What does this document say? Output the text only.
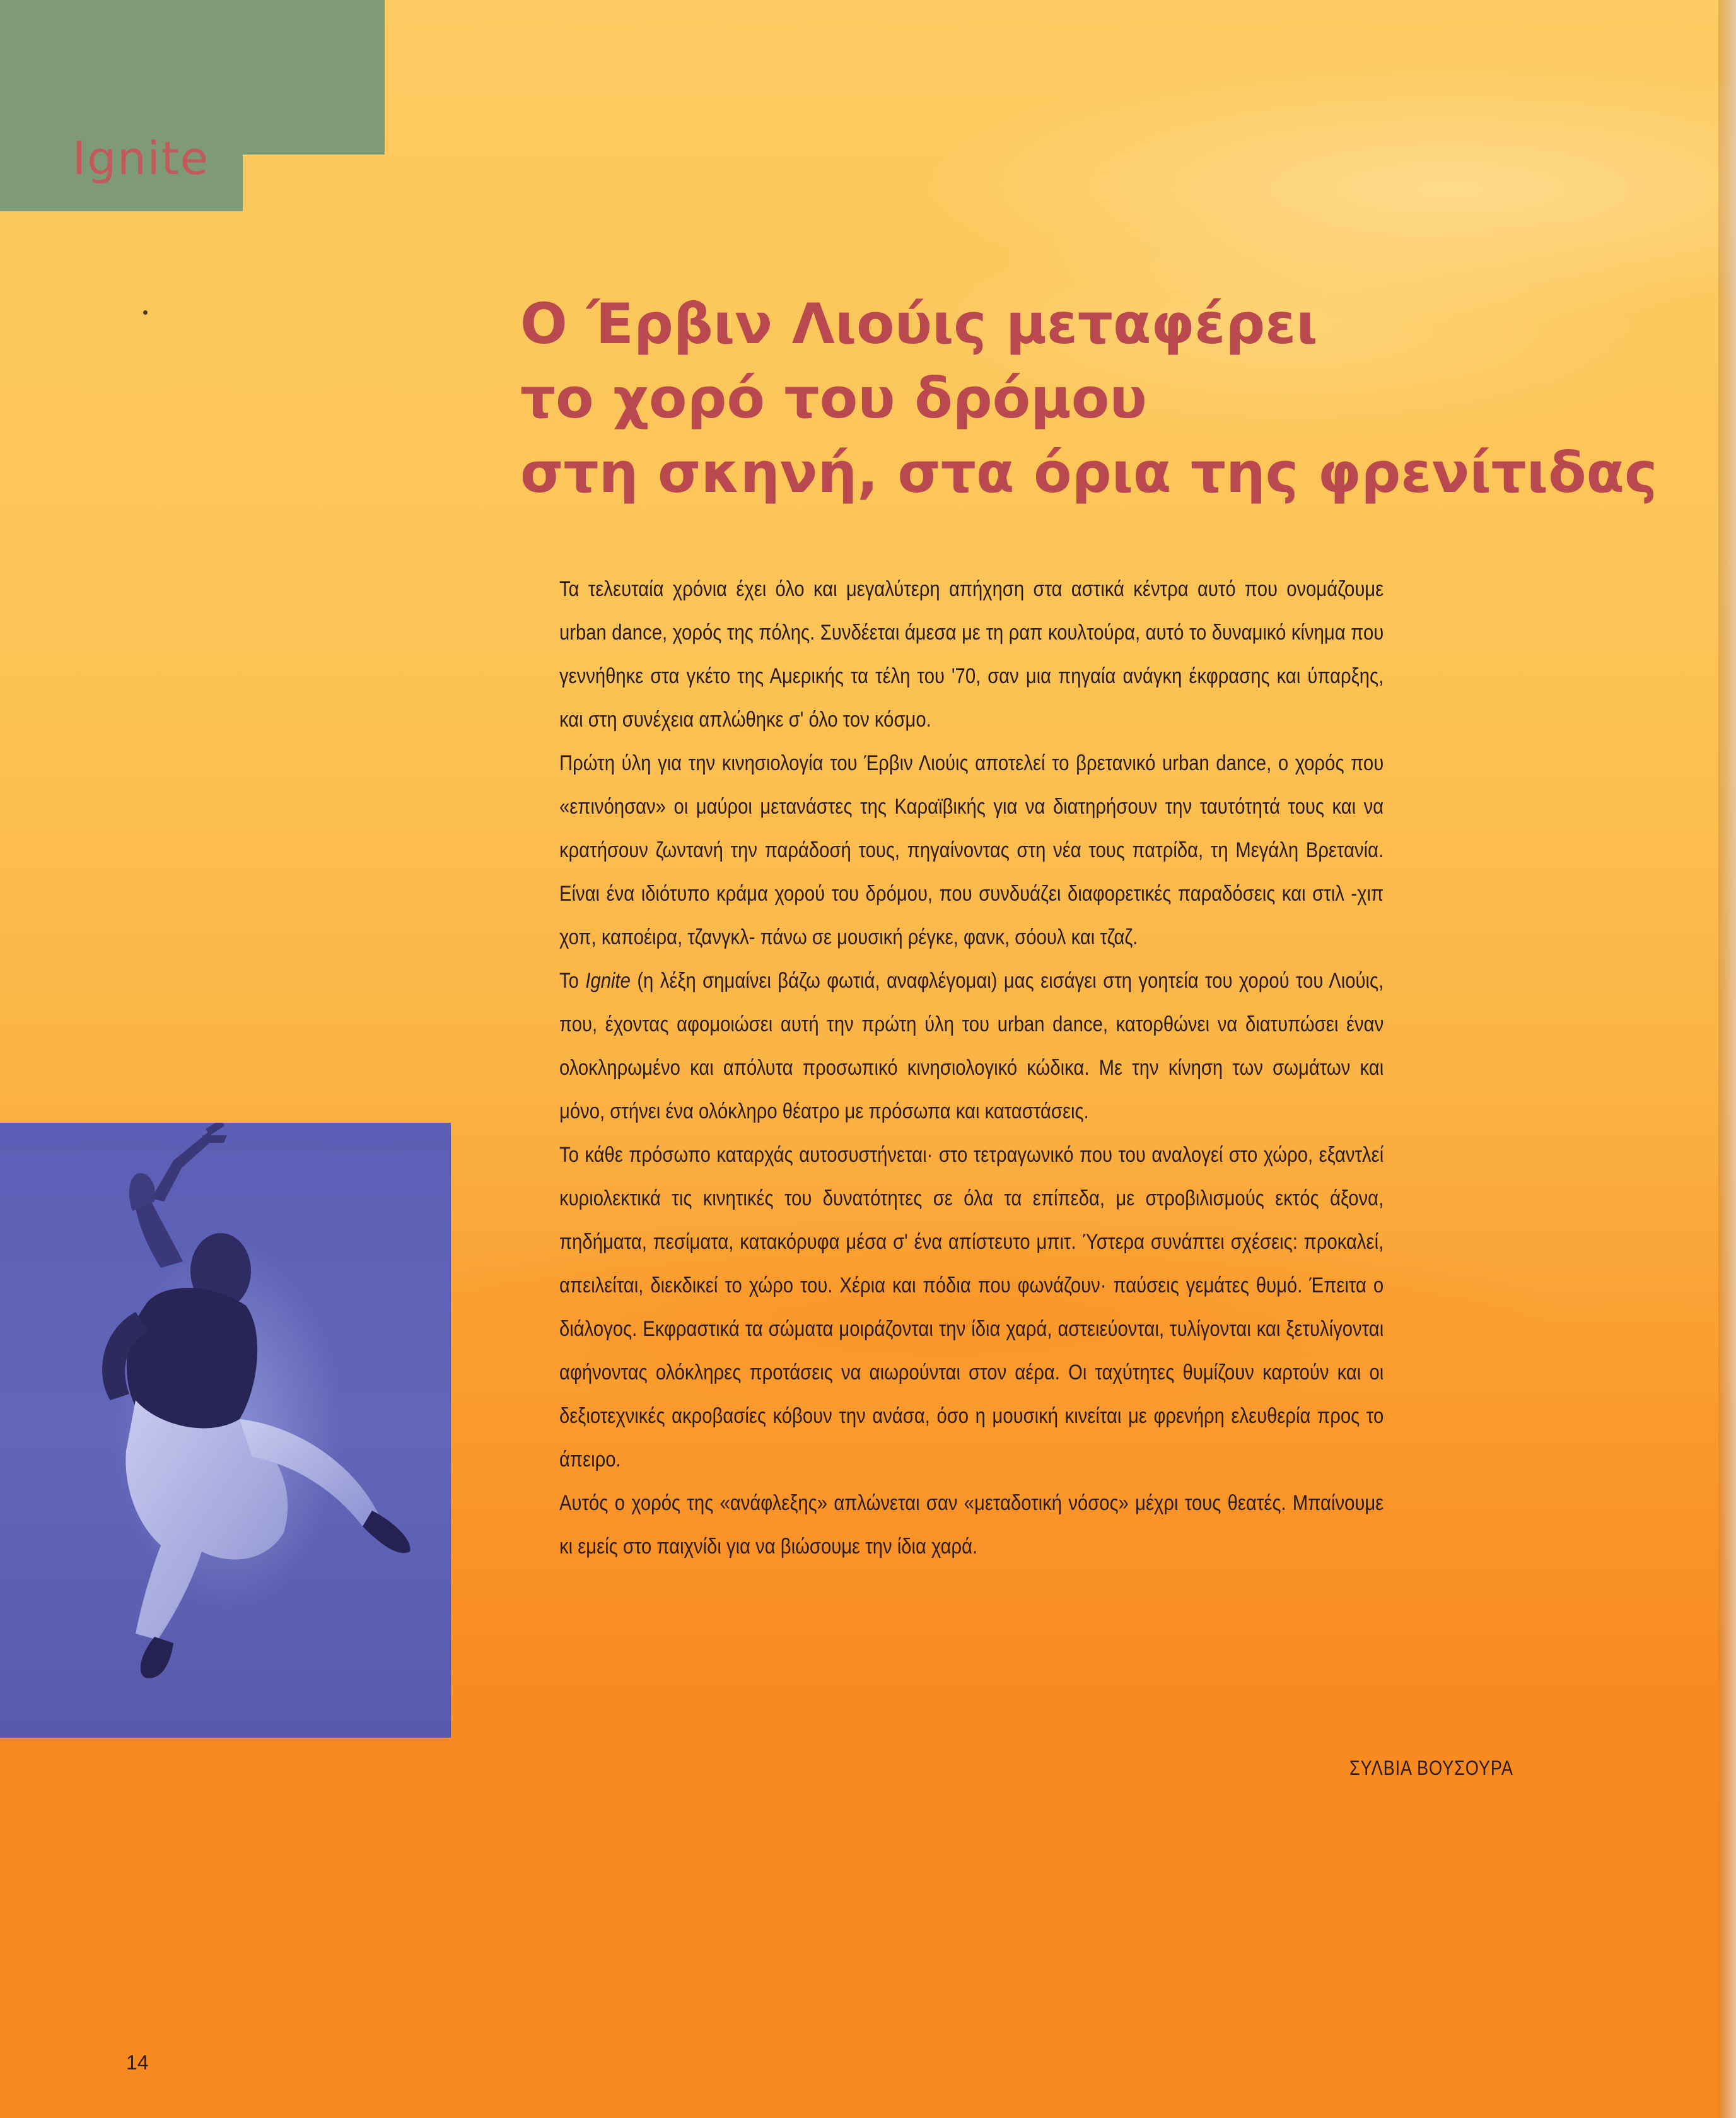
Ignite
Ο Έρβιν Λιούις μεταφέρει
το χορό του δρόμου
στη σκηνή, στα όρια της φρενίτιδας

Τα τελευταία χρόνια έχει όλο και μεγαλύτερη απήχηση στα αστικά κέντρα αυτό που ονομάζουμε urban dance, χορός της πόλης. Συνδέεται άμεσα με τη ραπ κουλτούρα, αυτό το δυναμικό κίνημα που γεννήθηκε στα γκέτο της Αμερικής τα τέλη του '70, σαν μια πηγαία ανάγκη έκφρασης και ύπαρξης, και στη συνέχεια απλώθηκε σ' όλο τον κόσμο.

Πρώτη ύλη για την κινησιολογία του Έρβιν Λιούις αποτελεί το βρετανικό urban dance, ο χορός που «επινόησαν» οι μαύροι μετανάστες της Καραϊβικής για να διατηρήσουν την ταυτότητά τους και να κρατήσουν ζωντανή την παράδοσή τους, πηγαίνοντας στη νέα τους πατρίδα, τη Μεγάλη Βρετανία. Είναι ένα ιδιότυπο κράμα χορού του δρόμου, που συνδυάζει διαφορετικές παραδόσεις και στιλ -χιπ χοπ, καποέιρα, τζανγκλ- πάνω σε μουσική ρέγκε, φανκ, σόουλ και τζαζ.

Το Ignite (η λέξη σημαίνει βάζω φωτιά, αναφλέγομαι) μας εισάγει στη γοητεία του χορού του Λιούις, που, έχοντας αφομοιώσει αυτή την πρώτη ύλη του urban dance, κατορθώνει να διατυπώσει έναν ολοκληρωμένο και απόλυτα προσωπικό κινησιολογικό κώδικα. Με την κίνηση των σωμάτων και μόνο, στήνει ένα ολόκληρο θέατρο με πρόσωπα και καταστάσεις.

Το κάθε πρόσωπο καταρχάς αυτοσυστήνεται· στο τετραγωνικό που του αναλογεί στο χώρο, εξαντλεί κυριολεκτικά τις κινητικές του δυνατότητες σε όλα τα επίπεδα, με στροβιλισμούς εκτός άξονα, πηδήματα, πεσίματα, κατακόρυφα μέσα σ' ένα απίστευτο μπιτ. Ύστερα συνάπτει σχέσεις: προκαλεί, απειλείται, διεκδικεί το χώρο του. Χέρια και πόδια που φωνάζουν· παύσεις γεμάτες θυμό. Έπειτα ο διάλογος. Εκφραστικά τα σώματα μοιράζονται την ίδια χαρά, αστειεύονται, τυλίγονται και ξετυλίγονται αφήνοντας ολόκληρες προτάσεις να αιωρούνται στον αέρα. Οι ταχύτητες θυμίζουν καρτούν και οι δεξιοτεχνικές ακροβασίες κόβουν την ανάσα, όσο η μουσική κινείται με φρενήρη ελευθερία προς το άπειρο.

Αυτός ο χορός της «ανάφλεξης» απλώνεται σαν «μεταδοτική νόσος» μέχρι τους θεατές. Μπαίνουμε κι εμείς στο παιχνίδι για να βιώσουμε την ίδια χαρά.

ΣΥΛΒΙΑ ΒΟΥΣΟΥΡΑ
14
